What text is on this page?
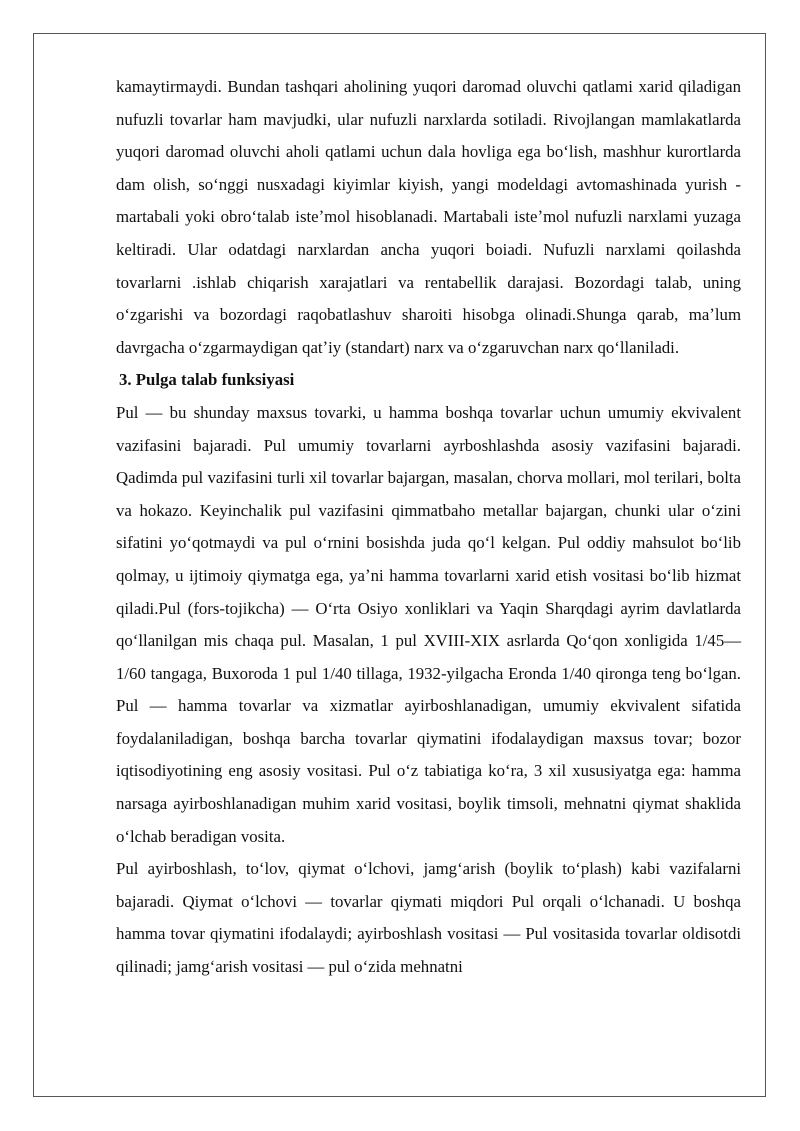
kamaytirmaydi. Bundan tashqari aholining yuqori daromad oluvchi qatlami xarid qiladigan nufuzli tovarlar ham mavjudki, ular nufuzli narxlarda sotiladi. Rivojlangan mamlakatlarda yuqori daromad oluvchi aholi qatlami uchun dala hovliga ega boʻlish, mashhur kurortlarda dam olish, soʻnggi nusxadagi kiyimlar kiyish, yangi modeldagi avtomashinada yurish - martabali yoki obroʻtalab isteʼmol hisoblanadi. Martabali isteʼmol nufuzli narxlami yuzaga keltiradi. Ular odatdagi narxlardan ancha yuqori boiadi. Nufuzli narxlami qoilashda tovarlarni .ishlab chiqarish xarajatlari va rentabellik darajasi. Bozordagi talab, uning oʻzgarishi va bozordagi raqobatlashuv sharoiti hisobga olinadi.Shunga qarab, maʼlum davrgacha oʻzgarmaydigan qatʼiy (standart) narx va oʻzgaruvchan narx qoʻllaniladi.

3. Pulga talab funksiyasi

Pul — bu shunday maxsus tovarki, u hamma boshqa tovarlar uchun umumiy ekvivalent vazifasini bajaradi. Pul umumiy tovarlarni ayrboshlashda asosiy vazifasini bajaradi. Qadimda pul vazifasini turli xil tovarlar bajargan, masalan, chorva mollari, mol terilari, bolta va hokazo. Keyinchalik pul vazifasini qimmatbaho metallar bajargan, chunki ular oʻzini sifatini yoʻqotmaydi va pul oʻrnini bosishda juda qoʻl kelgan. Pul oddiy mahsulot boʻlib qolmay, u ijtimoiy qiymatga ega, yaʼni hamma tovarlarni xarid etish vositasi boʻlib hizmat qiladi.Pul (fors-tojikcha) — Oʻrta Osiyo xonliklari va Yaqin Sharqdagi ayrim davlatlarda qoʻllanilgan mis chaqa pul. Masalan, 1 pul XVIII-XIX asrlarda Qoʻqon xonligida 1/45—1/60 tangaga, Buxoroda 1 pul 1/40 tillaga, 1932-yilgacha Eronda 1/40 qironga teng boʻlgan. Pul — hamma tovarlar va xizmatlar ayirboshlanadigan, umumiy ekvivalent sifatida foydalaniladigan, boshqa barcha tovarlar qiymatini ifodalaydigan maxsus tovar; bozor iqtisodiyotining eng asosiy vositasi. Pul oʻz tabiatiga koʻra, 3 xil xususiyatga ega: hamma narsaga ayirboshlanadigan muhim xarid vositasi, boylik timsoli, mehnatni qiymat shaklida oʻlchab beradigan vosita.

Pul ayirboshlash, toʻlov, qiymat oʻlchovi, jamgʻarish (boylik toʻplash) kabi vazifalarni bajaradi. Qiymat oʻlchovi — tovarlar qiymati miqdori Pul orqali oʻlchanadi. U boshqa hamma tovar qiymatini ifodalaydi; ayirboshlash vositasi — Pul vositasida tovarlar oldisotdi qilinadi; jamgʻarish vositasi — pul oʻzida mehnatni
